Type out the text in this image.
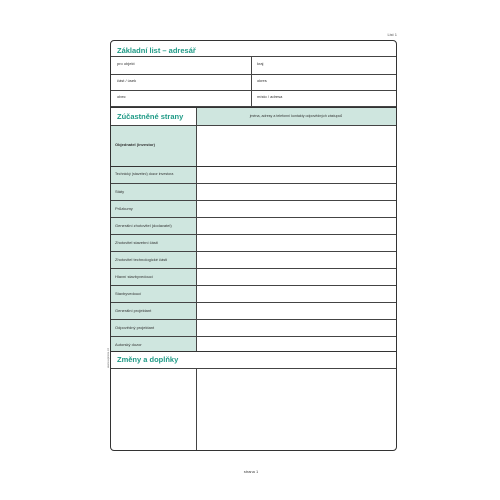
List 1
www.apress.cz
Základní list – adresář
pro objekt	kraj
část / úsek	okres
obec	místo / adresa
Zúčastněné strany	jména, adresy a telefonní kontakty odpovědných zástupců
Objednatel (investor)
Technický (stavební) dozor investora
Státy
Průzkumy
Generální zhotovitel (dodavatel)
Zhotovitel stavební části
Zhotovitel technologické části
Hlavní stavbyvedoucí
Stavbyvedoucí
Generální projektant
Odpovědný projektant
Autorský dozor
Změny a doplňky
strana 1
